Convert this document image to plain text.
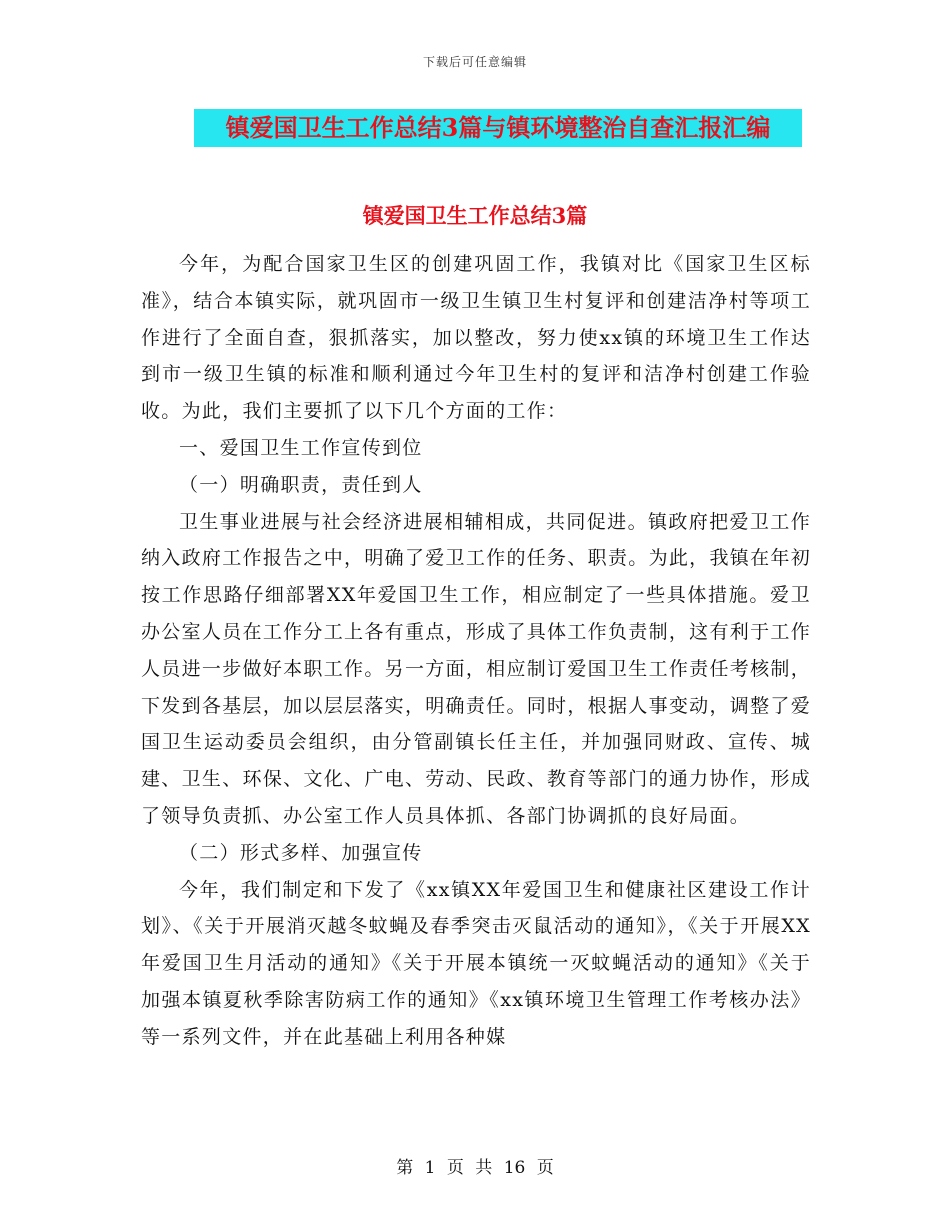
下载后可任意编辑
镇爱国卫生工作总结3篇与镇环境整治自查汇报汇编
镇爱国卫生工作总结3篇

今年，为配合国家卫生区的创建巩固工作，我镇对比《国家卫生区标准》，结合本镇实际，就巩固市一级卫生镇卫生村复评和创建洁净村等项工作进行了全面自查，狠抓落实，加以整改，努力使xx镇的环境卫生工作达到市一级卫生镇的标准和顺利通过今年卫生村的复评和洁净村创建工作验收。为此，我们主要抓了以下几个方面的工作：

一、爱国卫生工作宣传到位

（一）明确职责，责任到人

卫生事业进展与社会经济进展相辅相成，共同促进。镇政府把爱卫工作纳入政府工作报告之中，明确了爱卫工作的任务、职责。为此，我镇在年初按工作思路仔细部署XX年爱国卫生工作，相应制定了一些具体措施。爱卫办公室人员在工作分工上各有重点，形成了具体工作负责制，这有利于工作人员进一步做好本职工作。另一方面，相应制订爱国卫生工作责任考核制，下发到各基层，加以层层落实，明确责任。同时，根据人事变动，调整了爱国卫生运动委员会组织，由分管副镇长任主任，并加强同财政、宣传、城建、卫生、环保、文化、广电、劳动、民政、教育等部门的通力协作，形成了领导负责抓、办公室工作人员具体抓、各部门协调抓的良好局面。

（二）形式多样、加强宣传

今年，我们制定和下发了《xx镇XX年爱国卫生和健康社区建设工作计划》、《关于开展消灭越冬蚊蝇及春季突击灭鼠活动的通知》，《关于开展XX年爱国卫生月活动的通知》《关于开展本镇统一灭蚊蝇活动的通知》《关于加强本镇夏秋季除害防病工作的通知》《xx镇环境卫生管理工作考核办法》等一系列文件，并在此基础上利用各种媒

第 1 页 共 16 页
